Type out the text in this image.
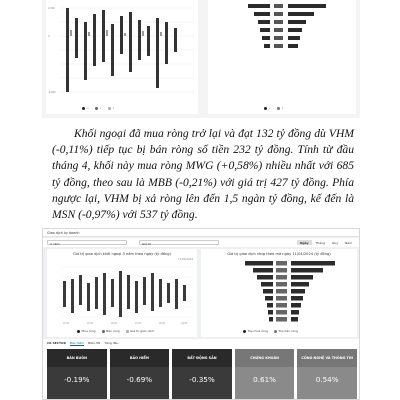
2,000
0
-4,000
•	•	•	•	•

Khối ngoại đã mua ròng trở lại và đạt 132 tỷ đồng dù VHM (-0,11%) tiếp tục bị bán ròng số tiền 232 tỷ đồng. Tính từ đầu tháng 4, khối này mua ròng MWG (+0,58%) nhiều nhất với 685 tỷ đồng, theo sau là MBB (-0,21%) với giá trị 427 tỷ đồng. Phía ngược lại, VHM bị xả ròng lên đến 1,5 ngàn tỷ đồng, kế đến là MSN (-0,97%) với 537 tỷ đồng.

Giao dịch ky doanh
3 năm	Giá trị	Ngày	Tháng	Quý	Năm
Giá trị giao dịch khối ngoại 3 năm theo ngày (tỷ đồng)
11/04/2024
01/22	05/22	09/22	01/23	09/23	04/24
Mua ròng	Bán ròng	Giá trị giao dịch
Giá trị giao dịch ròng theo mã ngày 11/04/2024 (tỷ đồng)
Top mua ròng	Top bán ròng
CK SECTOR Bảo hiểm Biến đổi Tăng đều
BÁN BUÔN
-0.19%
BẢO HIỂM
-0.69%
BẤT ĐỘNG SẢN
-0.35%
CHỨNG KHOÁN
0.61%
CÔNG NGHỆ VÀ THÔNG TIN
0.54%
